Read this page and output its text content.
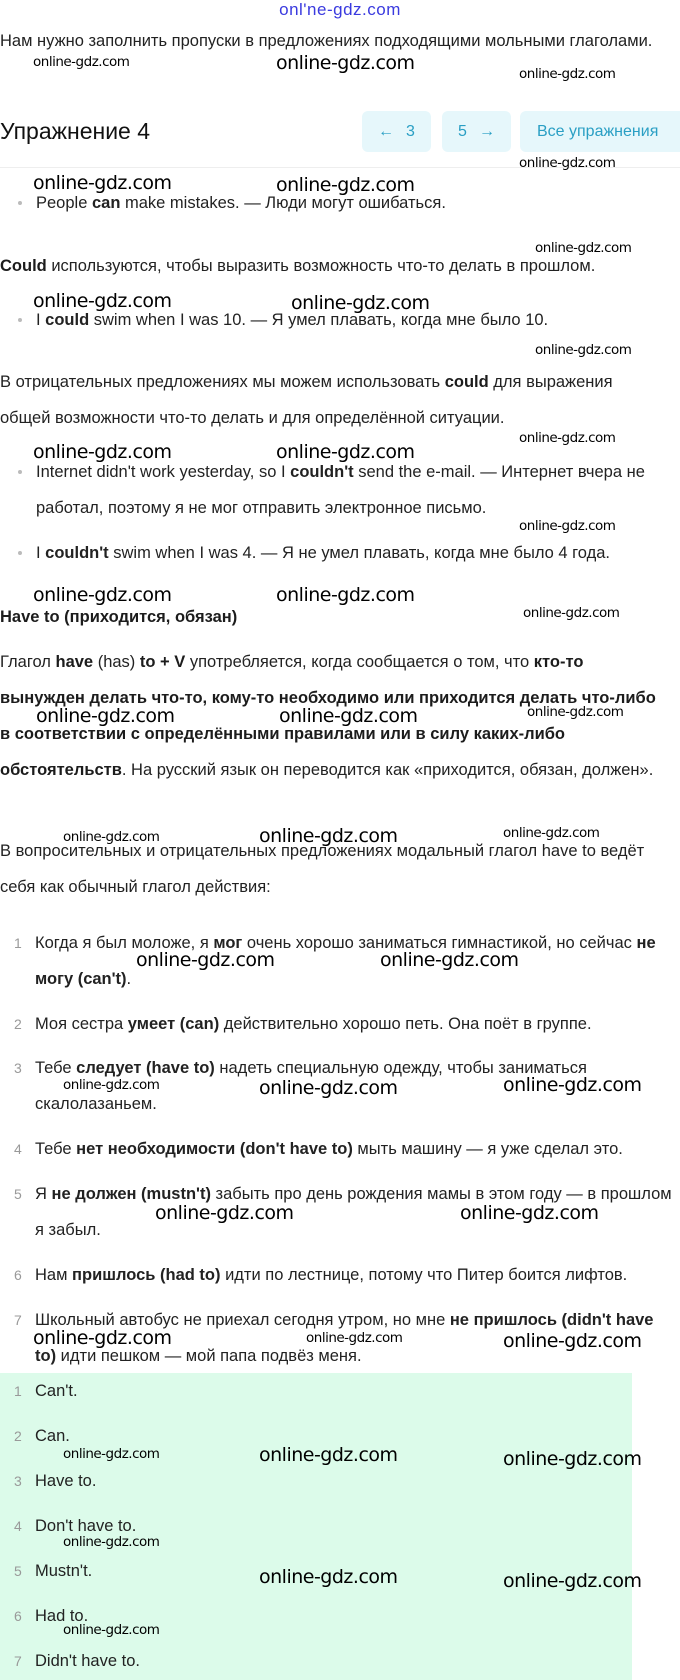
onl'ne-gdz.com
Нам нужно заполнить пропуски в предложениях подходящими мольными глаголами.
People can make mistakes. — Люди могут ошибаться.
Could используются, чтобы выразить возможность что-то делать в прошлом.
I could swim when I was 10. — Я умел плавать, когда мне было 10.
В отрицательных предложениях мы можем использовать could для выражения общей возможности что-то делать и для определённой ситуации.
Internet didn't work yesterday, so I couldn't send the e-mail. — Интернет вчера не работал, поэтому я не мог отправить электронное письмо.
I couldn't swim when I was 4. — Я не умел плавать, когда мне было 4 года.
Have to (приходится, обязан)
Глагол have (has) to + V употребляется, когда сообщается о том, что кто-то вынужден делать что-то, кому-то необходимо или приходится делать что-либо в соответствии с определёнными правилами или в силу каких-либо обстоятельств. На русский язык он переводится как «приходится, обязан, должен».
В вопросительных и отрицательных предложениях модальный глагол have to ведёт себя как обычный глагол действия:
1 Когда я был моложе, я мог очень хорошо заниматься гимнастикой, но сейчас не могу (can't).
2 Моя сестра умеет (can) действительно хорошо петь. Она поёт в группе.
3 Тебе следует (have to) надеть специальную одежду, чтобы заниматься скалолазаньем.
4 Тебе нет необходимости (don't have to) мыть машину — я уже сделал это.
5 Я не должен (mustn't) забыть про день рождения мамы в этом году — в прошлом я забыл.
6 Нам пришлось (had to) идти по лестнице, потому что Питер боится лифтов.
7 Школьный автобус не приехал сегодня утром, но мне не пришлось (didn't have to) идти пешком — мой папа подвёз меня.
Упражнение 4	← 3	5 →	Все упражнения
online-gdz.com	online-gdz.com	online-gdz.com
online-gdz.com
online-gdz.com	online-gdz.com
online-gdz.com
online-gdz.com	online-gdz.com
online-gdz.com
online-gdz.com	online-gdz.com
online-gdz.com
online-gdz.com
online-gdz.com	online-gdz.com
online-gdz.com
online-gdz.com	online-gdz.com	online-gdz.com
online-gdz.com	online-gdz.com	online-gdz.com
online-gdz.com	online-gdz.com
online-gdz.com	online-gdz.com	online-gdz.com
online-gdz.com	online-gdz.com
online-gdz.com	online-gdz.com	online-gdz.com
online-gdz.com	online-gdz.com	online-gdz.com
online-gdz.com
online-gdz.com	online-gdz.com
online-gdz.com
1 Can't.
2 Can.
3 Have to.
4 Don't have to.
5 Mustn't.
6 Had to.
7 Didn't have to.
